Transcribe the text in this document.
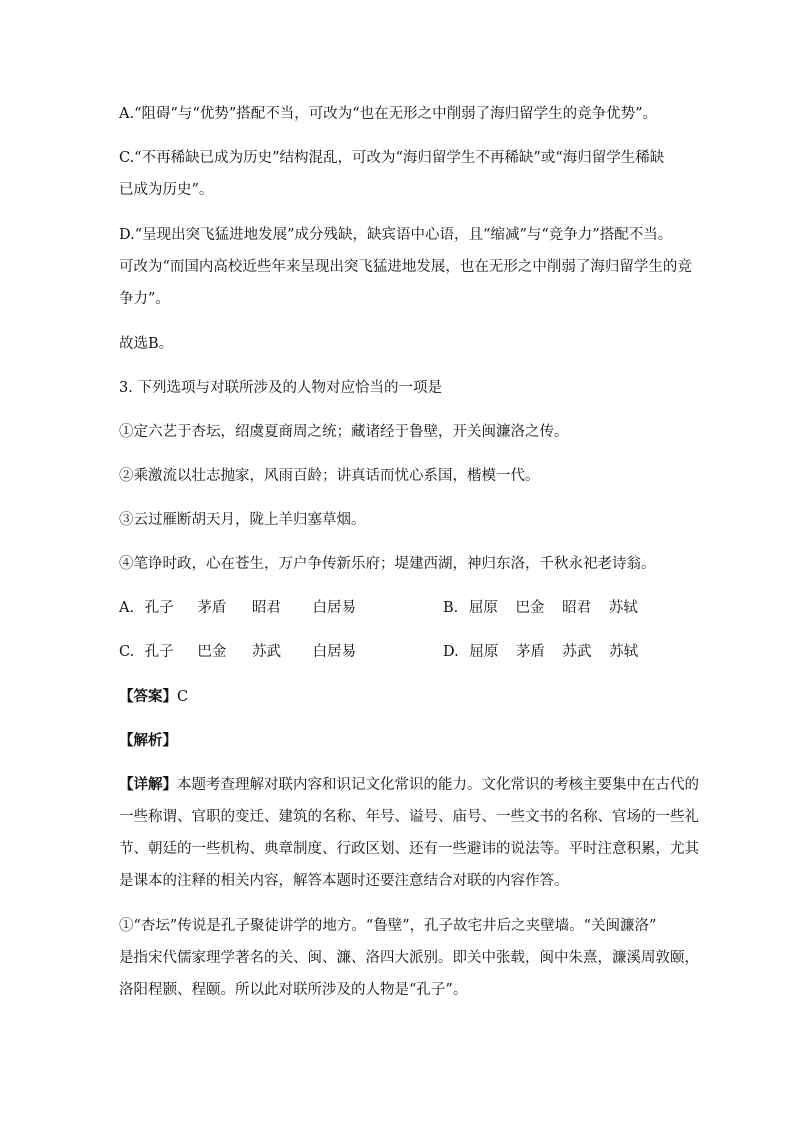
A.“阻碍”与“优势”搭配不当，可改为“也在无形之中削弱了海归留学生的竞争优势”。
C.“不再稀缺已成为历史”结构混乱，可改为“海归留学生不再稀缺”或“海归留学生稀缺
已成为历史”。
D.“呈现出突飞猛进地发展”成分残缺，缺宾语中心语，且“缩减”与“竞争力”搭配不当。
可改为“而国内高校近些年来呈现出突飞猛进地发展，也在无形之中削弱了海归留学生的竞
争力”。
故选B。
3. 下列选项与对联所涉及的人物对应恰当的一项是
①定六艺于杏坛，绍虞夏商周之统；藏诸经于鲁壁，开关闽濂洛之传。
②乘激流以壮志抛家，风雨百龄；讲真话而忧心系国，楷模一代。
③云过雁断胡天月，陇上羊归塞草烟。
④笔诤时政，心在苍生，万户争传新乐府；堤建西湖，神归东洛，千秋永祀老诗翁。
A. 孔子 茅盾 昭君 白居易	B. 屈原 巴金 昭君 苏轼
C. 孔子 巴金 苏武 白居易	D. 屈原 茅盾 苏武 苏轼
【答案】C
【解析】
【详解】本题考查理解对联内容和识记文化常识的能力。文化常识的考核主要集中在古代的
一些称谓、官职的变迁、建筑的名称、年号、谥号、庙号、一些文书的名称、官场的一些礼
节、朝廷的一些机构、典章制度、行政区划、还有一些避讳的说法等。平时注意积累，尤其
是课本的注释的相关内容，解答本题时还要注意结合对联的内容作答。
①“杏坛”传说是孔子聚徒讲学的地方。“鲁壁”，孔子故宅井后之夹壁墙。“关闽濂洛”
是指宋代儒家理学著名的关、闽、濂、洛四大派别。即关中张载，闽中朱熹，濂溪周敦颐，
洛阳程颢、程颐。所以此对联所涉及的人物是“孔子”。
